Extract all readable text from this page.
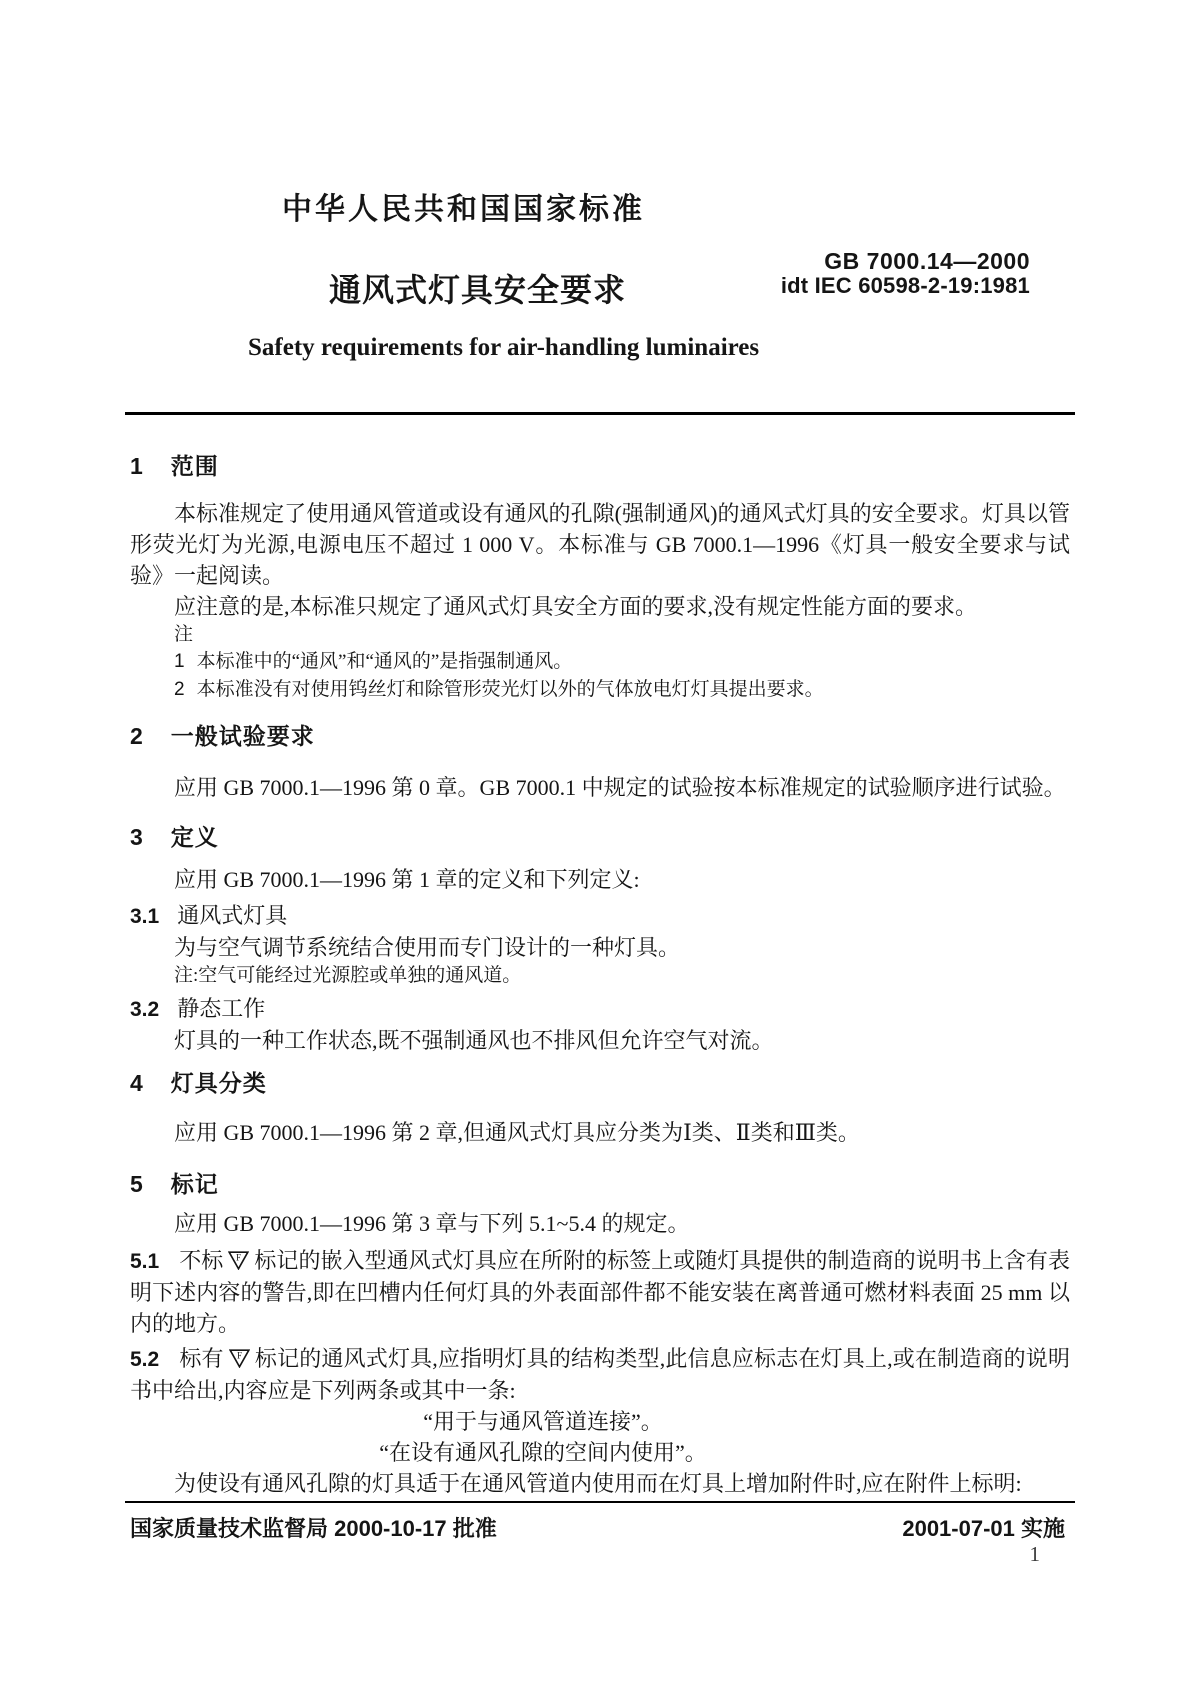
中华人民共和国国家标准
GB 7000.14—2000
idt IEC 60598-2-19:1981
通风式灯具安全要求
Safety requirements for air-handling luminaires

1 范围

本标准规定了使用通风管道或设有通风的孔隙(强制通风)的通风式灯具的安全要求。灯具以管形荧光灯为光源,电源电压不超过 1 000 V。本标准与 GB 7000.1—1996《灯具一般安全要求与试验》一起阅读。

应注意的是,本标准只规定了通风式灯具安全方面的要求,没有规定性能方面的要求。

注
1 本标准中的“通风”和“通风的”是指强制通风。
2 本标准没有对使用钨丝灯和除管形荧光灯以外的气体放电灯灯具提出要求。

2 一般试验要求

应用 GB 7000.1—1996 第 0 章。GB 7000.1 中规定的试验按本标准规定的试验顺序进行试验。

3 定义

应用 GB 7000.1—1996 第 1 章的定义和下列定义:

3.1 通风式灯具

为与空气调节系统结合使用而专门设计的一种灯具。

注:空气可能经过光源腔或单独的通风道。

3.2 静态工作

灯具的一种工作状态,既不强制通风也不排风但允许空气对流。

4 灯具分类

应用 GB 7000.1—1996 第 2 章,但通风式灯具应分类为Ⅰ类、Ⅱ类和Ⅲ类。

5 标记

应用 GB 7000.1—1996 第 3 章与下列 5.1~5.4 的规定。

5.1 不标 F 标记的嵌入型通风式灯具应在所附的标签上或随灯具提供的制造商的说明书上含有表明下述内容的警告,即在凹槽内任何灯具的外表面部件都不能安装在离普通可燃材料表面 25 mm 以内的地方。

5.2 标有 F 标记的通风式灯具,应指明灯具的结构类型,此信息应标志在灯具上,或在制造商的说明书中给出,内容应是下列两条或其中一条:

“用于与通风管道连接”。

“在设有通风孔隙的空间内使用”。

为使设有通风孔隙的灯具适于在通风管道内使用而在灯具上增加附件时,应在附件上标明:

国家质量技术监督局 2000-10-17 批准	2001-07-01 实施
1
